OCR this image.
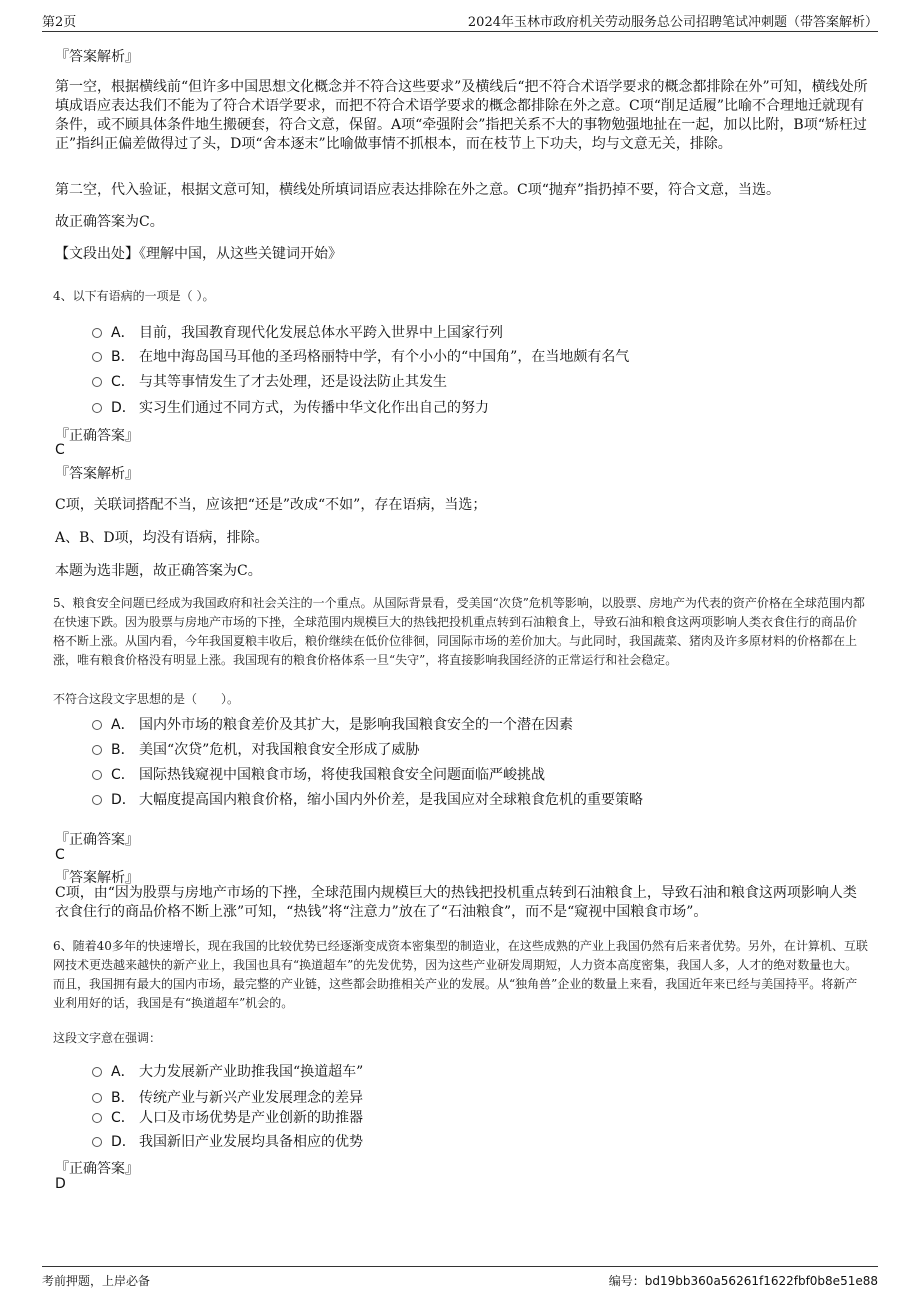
第2页	2024年玉林市政府机关劳动服务总公司招聘笔试冲刺题（带答案解析）
『答案解析』
第一空，根据横线前“但许多中国思想文化概念并不符合这些要求”及横线后“把不符合术语学要求的概念都排除在外”可知，横线处所填成语应表达我们不能为了符合术语学要求，而把不符合术语学要求的概念都排除在外之意。C项“削足适履”比喻不合理地迁就现有条件，或不顾具体条件地生搬硬套，符合文意，保留。A项“牵强附会”指把关系不大的事物勉强地扯在一起，加以比附，B项“矫枉过正”指纠正偏差做得过了头，D项“舍本逐末”比喻做事情不抓根本，而在枝节上下功夫，均与文意无关，排除。
第二空，代入验证，根据文意可知，横线处所填词语应表达排除在外之意。C项“抛弃”指扔掉不要，符合文意，当选。
故正确答案为C。
【文段出处】《理解中国，从这些关键词开始》
4、以下有语病的一项是（ ）。
A． 目前，我国教育现代化发展总体水平跨入世界中上国家行列
B． 在地中海岛国马耳他的圣玛格丽特中学，有个小小的“中国角”，在当地颇有名气
C． 与其等事情发生了才去处理，还是设法防止其发生
D． 实习生们通过不同方式，为传播中华文化作出自己的努力
『正确答案』
C
『答案解析』
C项，关联词搭配不当，应该把“还是”改成“不如”，存在语病，当选；
A、B、D项，均没有语病，排除。
本题为选非题，故正确答案为C。
5、粮食安全问题已经成为我国政府和社会关注的一个重点。从国际背景看，受美国“次贷”危机等影响，以股票、房地产为代表的资产价格在全球范围内都在快速下跌。因为股票与房地产市场的下挫，全球范围内规模巨大的热钱把投机重点转到石油粮食上，导致石油和粮食这两项影响人类衣食住行的商品价格不断上涨。从国内看，今年我国夏粮丰收后，粮价继续在低价位徘徊，同国际市场的差价加大。与此同时，我国蔬菜、猪肉及许多原材料的价格都在上涨，唯有粮食价格没有明显上涨。我国现有的粮食价格体系一旦“失守”，将直接影响我国经济的正常运行和社会稳定。
不符合这段文字思想的是（　　）。
A． 国内外市场的粮食差价及其扩大，是影响我国粮食安全的一个潜在因素
B． 美国“次贷”危机，对我国粮食安全形成了威胁
C． 国际热钱窥视中国粮食市场，将使我国粮食安全问题面临严峻挑战
D． 大幅度提高国内粮食价格，缩小国内外价差，是我国应对全球粮食危机的重要策略
『正确答案』
C
『答案解析』
C项，由“因为股票与房地产市场的下挫，全球范围内规模巨大的热钱把投机重点转到石油粮食上，导致石油和粮食这两项影响人类衣食住行的商品价格不断上涨”可知，“热钱”将“注意力”放在了“石油粮食”，而不是“窥视中国粮食市场”。
6、随着40多年的快速增长，现在我国的比较优势已经逐渐变成资本密集型的制造业，在这些成熟的产业上我国仍然有后来者优势。另外，在计算机、互联网技术更迭越来越快的新产业上，我国也具有“换道超车”的先发优势，因为这些产业研发周期短，人力资本高度密集，我国人多，人才的绝对数量也大。而且，我国拥有最大的国内市场，最完整的产业链，这些都会助推相关产业的发展。从“独角兽”企业的数量上来看，我国近年来已经与美国持平。将新产业利用好的话，我国是有“换道超车”机会的。
这段文字意在强调：
A． 大力发展新产业助推我国“换道超车”
B． 传统产业与新兴产业发展理念的差异
C． 人口及市场优势是产业创新的助推器
D． 我国新旧产业发展均具备相应的优势
『正确答案』
D
考前押题，上岸必备	编号：bd19bb360a56261f1622fbf0b8e51e88
